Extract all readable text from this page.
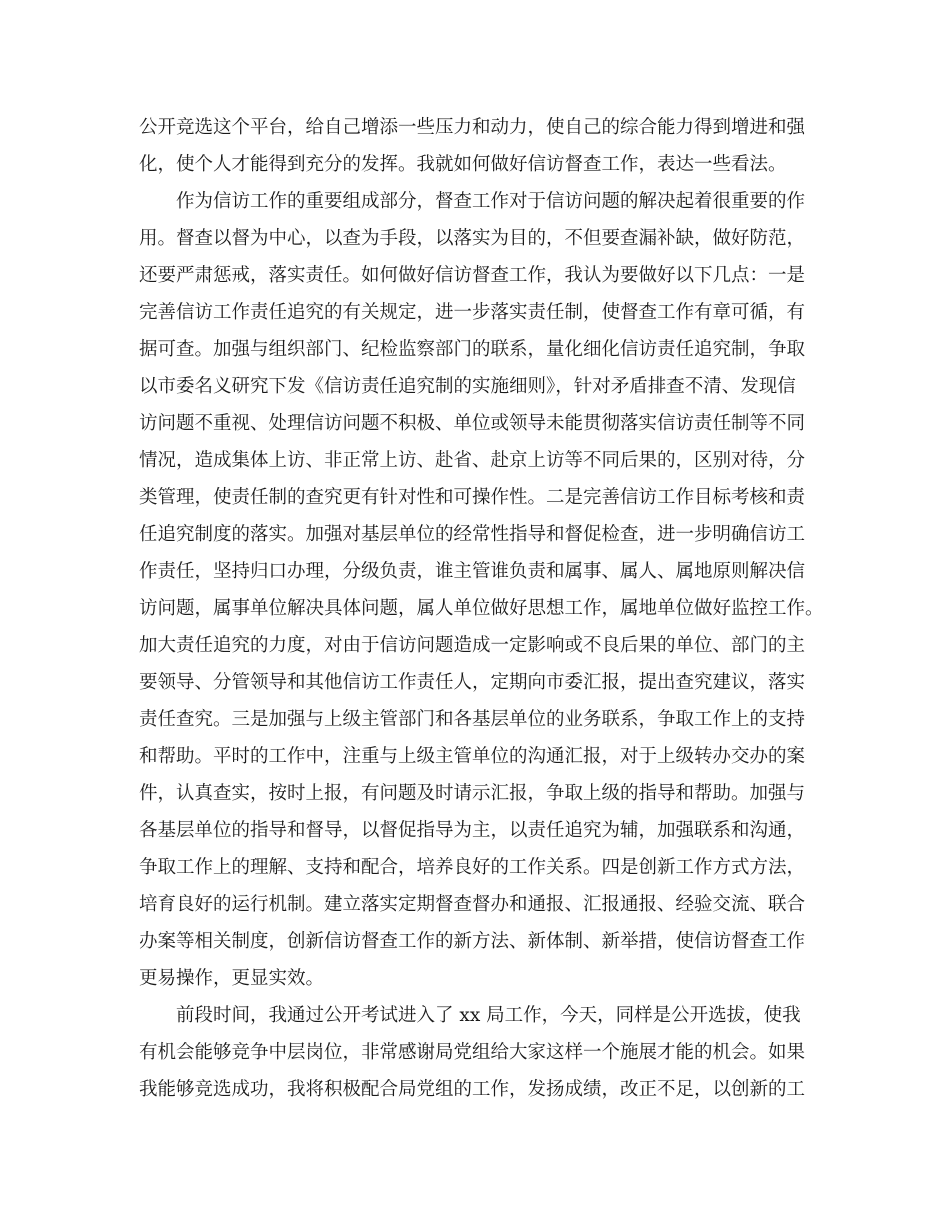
公开竞选这个平台，给自己增添一些压力和动力，使自己的综合能力得到增进和强
化，使个人才能得到充分的发挥。我就如何做好信访督查工作，表达一些看法。
作为信访工作的重要组成部分，督查工作对于信访问题的解决起着很重要的作
用。督查以督为中心，以查为手段，以落实为目的，不但要查漏补缺，做好防范，
还要严肃惩戒，落实责任。如何做好信访督查工作，我认为要做好以下几点：一是
完善信访工作责任追究的有关规定，进一步落实责任制，使督查工作有章可循，有
据可查。加强与组织部门、纪检监察部门的联系，量化细化信访责任追究制，争取
以市委名义研究下发《信访责任追究制的实施细则》，针对矛盾排查不清、发现信
访问题不重视、处理信访问题不积极、单位或领导未能贯彻落实信访责任制等不同
情况，造成集体上访、非正常上访、赴省、赴京上访等不同后果的，区别对待，分
类管理，使责任制的查究更有针对性和可操作性。二是完善信访工作目标考核和责
任追究制度的落实。加强对基层单位的经常性指导和督促检查，进一步明确信访工
作责任，坚持归口办理，分级负责，谁主管谁负责和属事、属人、属地原则解决信
访问题，属事单位解决具体问题，属人单位做好思想工作，属地单位做好监控工作。
加大责任追究的力度，对由于信访问题造成一定影响或不良后果的单位、部门的主
要领导、分管领导和其他信访工作责任人，定期向市委汇报，提出查究建议，落实
责任查究。三是加强与上级主管部门和各基层单位的业务联系，争取工作上的支持
和帮助。平时的工作中，注重与上级主管单位的沟通汇报，对于上级转办交办的案
件，认真查实，按时上报，有问题及时请示汇报，争取上级的指导和帮助。加强与
各基层单位的指导和督导，以督促指导为主，以责任追究为辅，加强联系和沟通，
争取工作上的理解、支持和配合，培养良好的工作关系。四是创新工作方式方法，
培育良好的运行机制。建立落实定期督查督办和通报、汇报通报、经验交流、联合
办案等相关制度，创新信访督查工作的新方法、新体制、新举措，使信访督查工作
更易操作，更显实效。
前段时间，我通过公开考试进入了 xx 局工作，今天，同样是公开选拔，使我
有机会能够竞争中层岗位，非常感谢局党组给大家这样一个施展才能的机会。如果
我能够竞选成功，我将积极配合局党组的工作，发扬成绩，改正不足，以创新的工
